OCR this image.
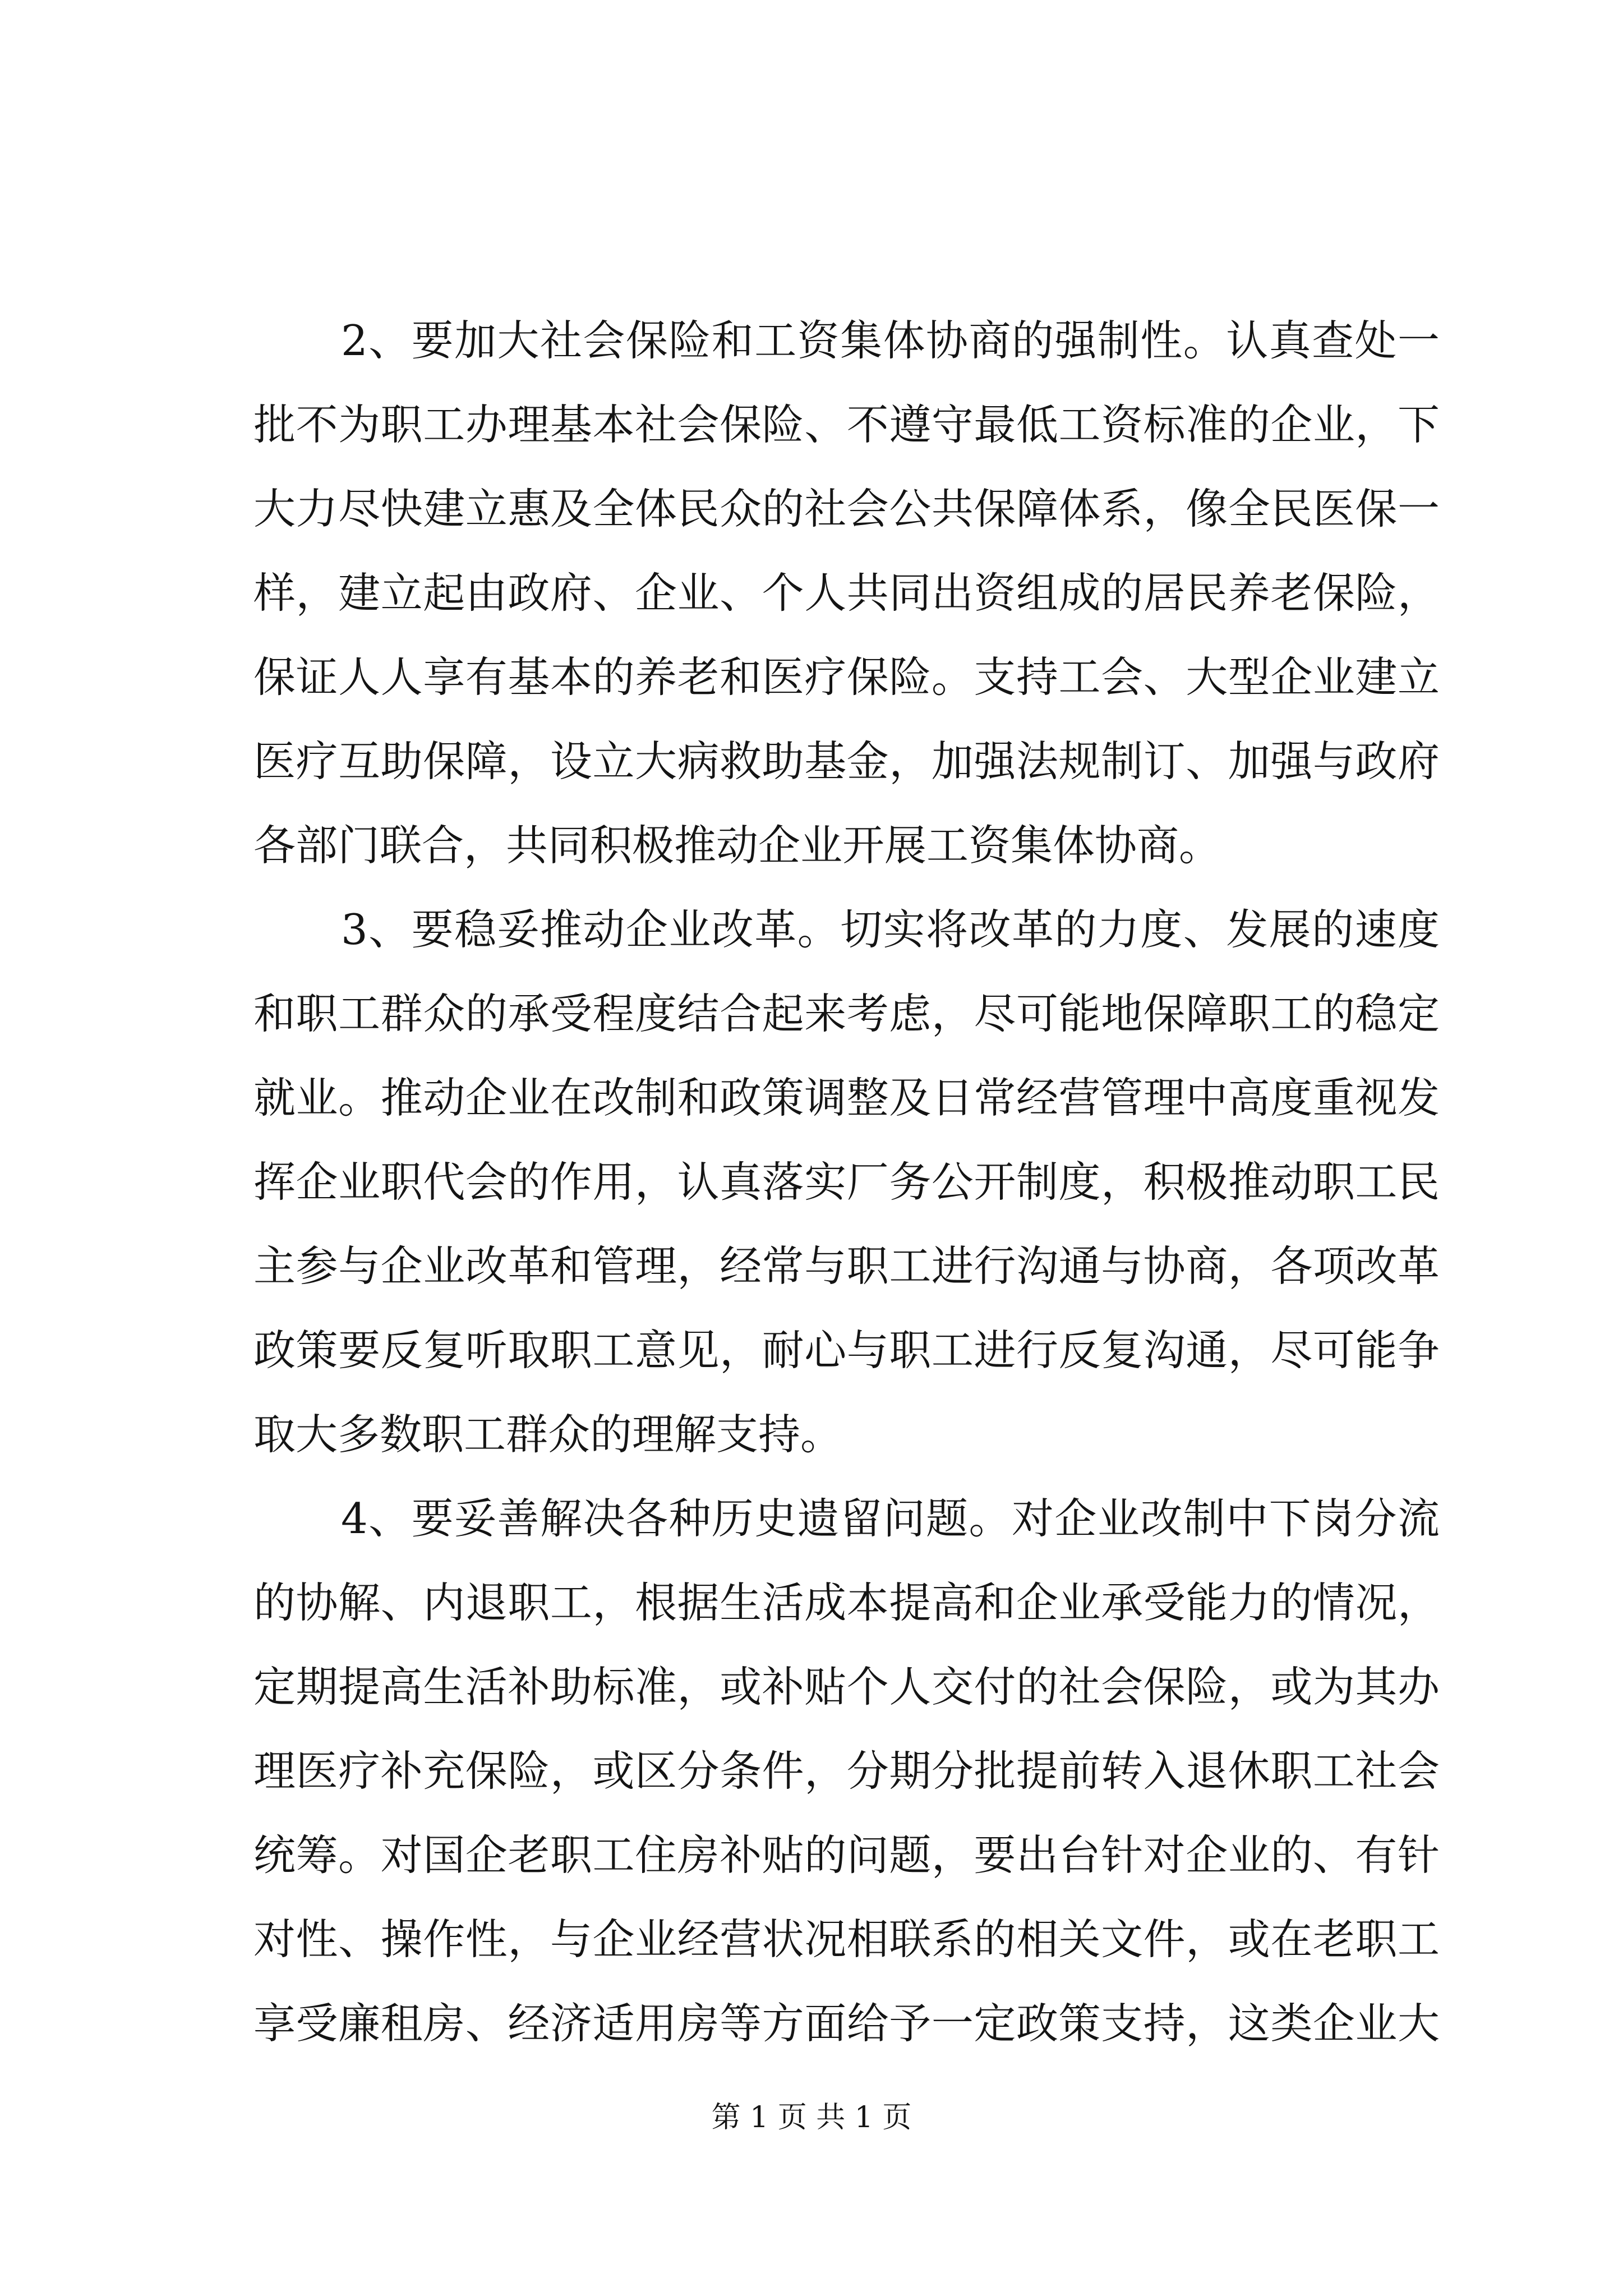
2、要加大社会保险和工资集体协商的强制性。认真查处一
批不为职工办理基本社会保险、不遵守最低工资标准的企业，下
大力尽快建立惠及全体民众的社会公共保障体系，像全民医保一
样，建立起由政府、企业、个人共同出资组成的居民养老保险，
保证人人享有基本的养老和医疗保险。支持工会、大型企业建立
医疗互助保障，设立大病救助基金，加强法规制订、加强与政府
各部门联合，共同积极推动企业开展工资集体协商。
3、要稳妥推动企业改革。切实将改革的力度、发展的速度
和职工群众的承受程度结合起来考虑，尽可能地保障职工的稳定
就业。推动企业在改制和政策调整及日常经营管理中高度重视发
挥企业职代会的作用，认真落实厂务公开制度，积极推动职工民
主参与企业改革和管理，经常与职工进行沟通与协商，各项改革
政策要反复听取职工意见，耐心与职工进行反复沟通，尽可能争
取大多数职工群众的理解支持。
4、要妥善解决各种历史遗留问题。对企业改制中下岗分流
的协解、内退职工，根据生活成本提高和企业承受能力的情况，
定期提高生活补助标准，或补贴个人交付的社会保险，或为其办
理医疗补充保险，或区分条件，分期分批提前转入退休职工社会
统筹。对国企老职工住房补贴的问题，要出台针对企业的、有针
对性、操作性，与企业经营状况相联系的相关文件，或在老职工
享受廉租房、经济适用房等方面给予一定政策支持，这类企业大
第 1 页 共 1 页
